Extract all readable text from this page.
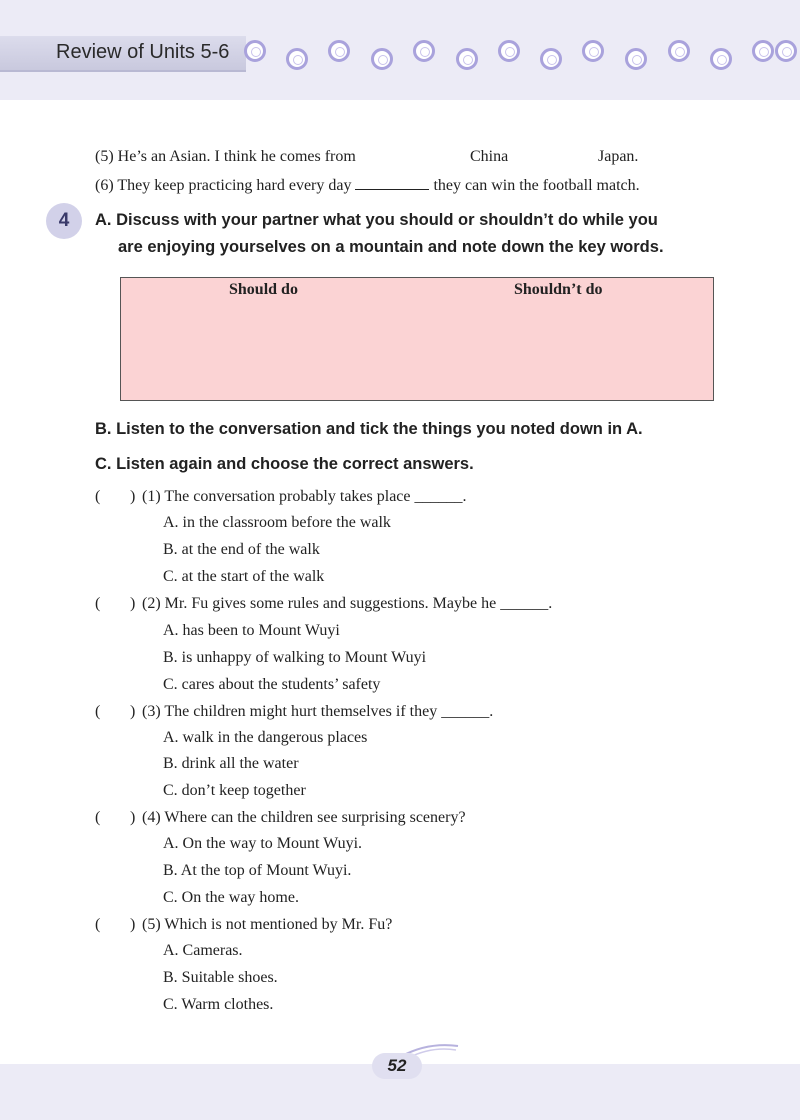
Review of Units 5-6
(5) He’s an Asian. I think he comes from	China	Japan.
(6) They keep practicing hard every day	they can win the football match.
4	A. Discuss with your partner what you should or shouldn’t do while you
are enjoying yourselves on a mountain and note down the key words.
Should do	Shouldn’t do
B. Listen to the conversation and tick the things you noted down in A.
C. Listen again and choose the correct answers.
( ) (1) The conversation probably takes place ______.
A. in the classroom before the walk
B. at the end of the walk
C. at the start of the walk
( ) (2) Mr. Fu gives some rules and suggestions. Maybe he ______.
A. has been to Mount Wuyi
B. is unhappy of walking to Mount Wuyi
C. cares about the students’ safety
( ) (3) The children might hurt themselves if they ______.
A. walk in the dangerous places
B. drink all the water
C. don’t keep together
( ) (4) Where can the children see surprising scenery?
A. On the way to Mount Wuyi.
B. At the top of Mount Wuyi.
C. On the way home.
( ) (5) Which is not mentioned by Mr. Fu?
A. Cameras.
B. Suitable shoes.
C. Warm clothes.
52
